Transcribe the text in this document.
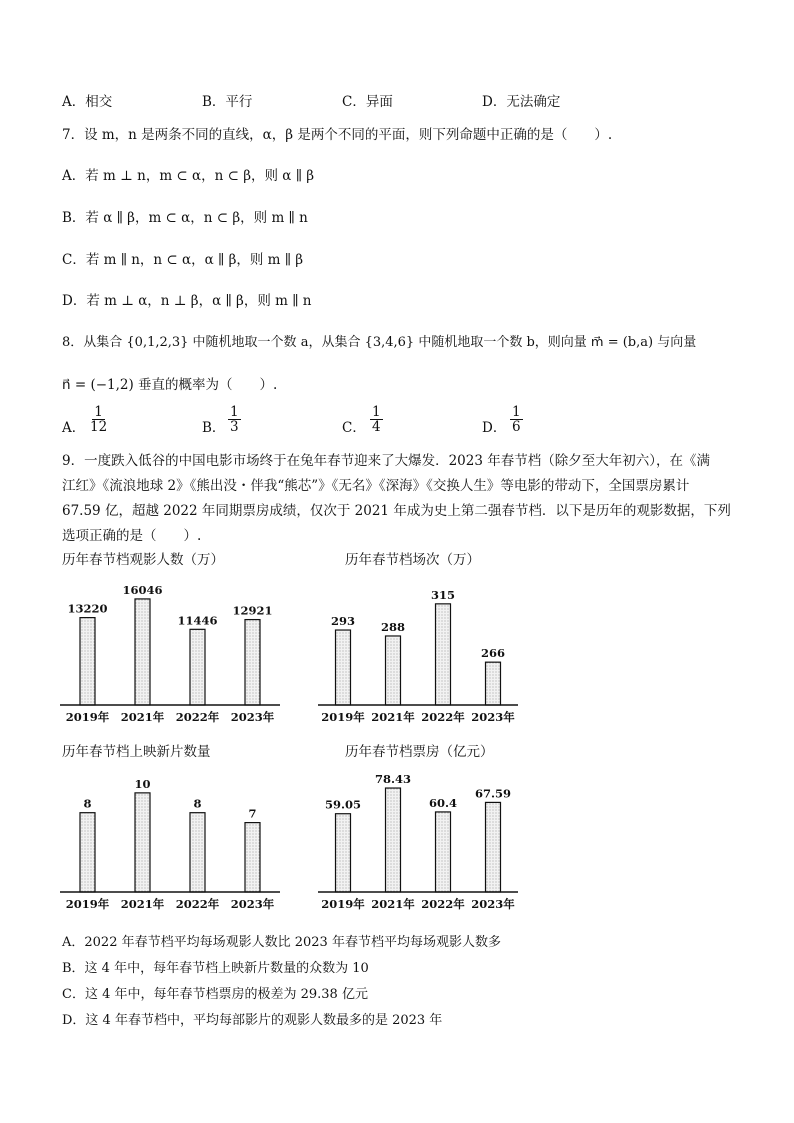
A．相交	B．平行	C．异面	D．无法确定
7．设 m，n 是两条不同的直线，α，β 是两个不同的平面，则下列命题中正确的是（　　）.
A．若 m ⊥ n，m ⊂ α，n ⊂ β，则 α ∥ β
B．若 α ∥ β，m ⊂ α，n ⊂ β，则 m ∥ n
C．若 m ∥ n，n ⊂ α，α ∥ β，则 m ∥ β
D．若 m ⊥ α，n ⊥ β，α ∥ β，则 m ∥ n
8．从集合 {0,1,2,3} 中随机地取一个数 a，从集合 {3,4,6} 中随机地取一个数 b，则向量 m⃗ = (b,a) 与向量
n⃗ = (−1,2) 垂直的概率为（　　）.
A． $\frac{1}{12}$	B． $\frac{1}{3}$	C． $\frac{1}{4}$	D． $\frac{1}{6}$
9．一度跌入低谷的中国电影市场终于在兔年春节迎来了大爆发．2023 年春节档（除夕至大年初六），在《满
江红》《流浪地球 2》《熊出没・伴我“熊芯”》《无名》《深海》《交换人生》等电影的带动下，全国票房累计
67.59 亿，超越 2022 年同期票房成绩，仅次于 2021 年成为史上第二强春节档．以下是历年的观影数据，下列
选项正确的是（　　）.
历年春节档观影人数（万）	历年春节档场次（万）
历年春节档上映新片数量	历年春节档票房（亿元）
13220
2019年
16046
2021年
11446
2022年
12921
2023年
293
2019年
288
2021年
315
2022年
266
2023年
8
2019年
10
2021年
8
2022年
7
2023年
59.05
2019年
78.43
2021年
60.4
2022年
67.59
2023年
A．2022 年春节档平均每场观影人数比 2023 年春节档平均每场观影人数多
B．这 4 年中，每年春节档上映新片数量的众数为 10
C．这 4 年中，每年春节档票房的极差为 29.38 亿元
D．这 4 年春节档中，平均每部影片的观影人数最多的是 2023 年
